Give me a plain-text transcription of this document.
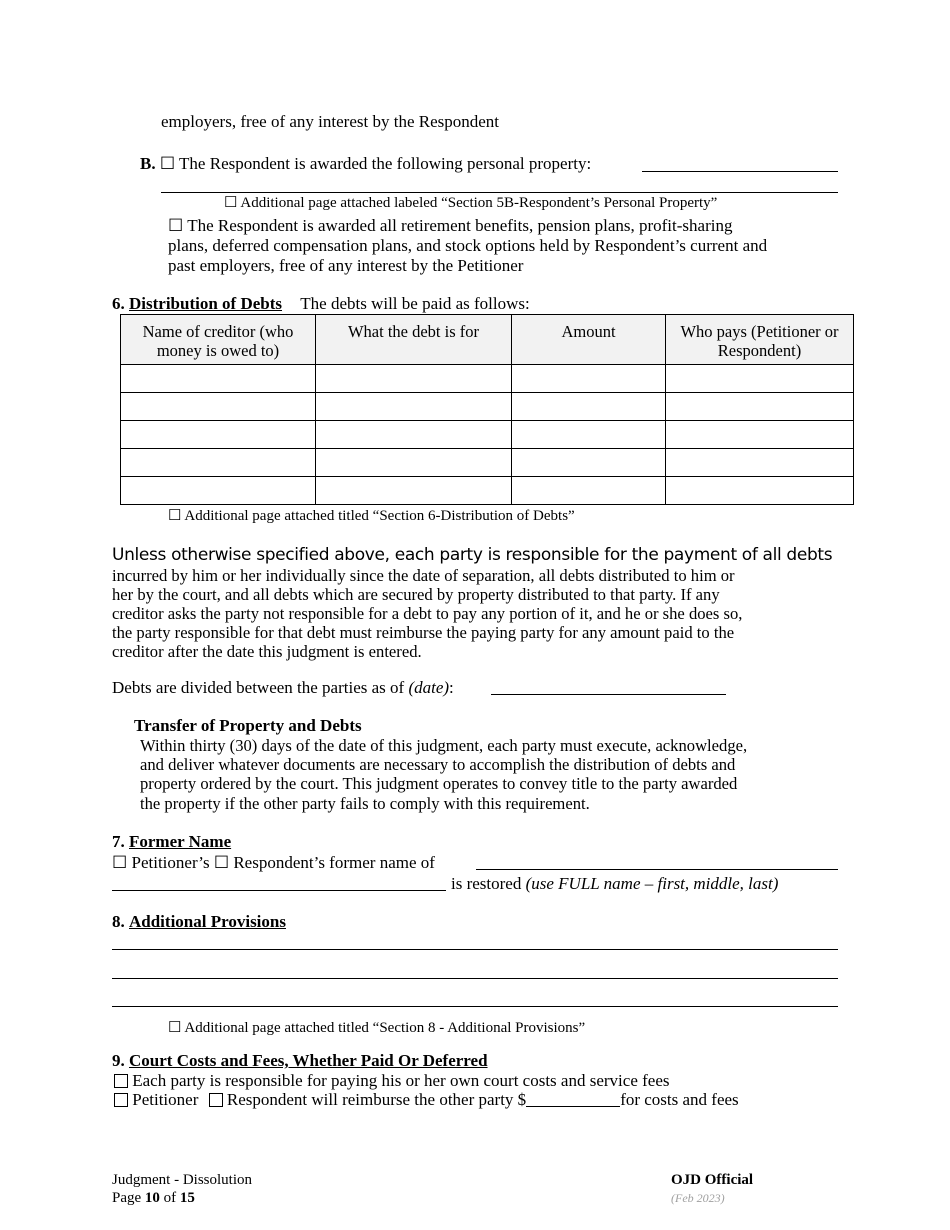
employers, free of any interest by the Respondent
B. ☐ The Respondent is awarded the following personal property:
☐ Additional page attached labeled “Section 5B-Respondent’s Personal Property”
☐ The Respondent is awarded all retirement benefits, pension plans, profit-sharing
plans, deferred compensation plans, and stock options held by Respondent’s current and
past employers, free of any interest by the Petitioner
6. Distribution of Debts The debts will be paid as follows:
Name of creditor (who money is owed to)	What the debt is for	Amount	Who pays (Petitioner or Respondent)

☐ Additional page attached titled “Section 6-Distribution of Debts”
Unless otherwise specified above, each party is responsible for the payment of all debts
incurred by him or her individually since the date of separation, all debts distributed to him or
her by the court, and all debts which are secured by property distributed to that party. If any
creditor asks the party not responsible for a debt to pay any portion of it, and he or she does so,
the party responsible for that debt must reimburse the paying party for any amount paid to the
creditor after the date this judgment is entered.
Debts are divided between the parties as of (date):
Transfer of Property and Debts
Within thirty (30) days of the date of this judgment, each party must execute, acknowledge,
and deliver whatever documents are necessary to accomplish the distribution of debts and
property ordered by the court. This judgment operates to convey title to the party awarded
the property if the other party fails to comply with this requirement.
7. Former Name
☐ Petitioner’s ☐ Respondent’s former name of
is restored (use FULL name – first, middle, last)
8. Additional Provisions
☐ Additional page attached titled “Section 8 - Additional Provisions”
9. Court Costs and Fees, Whether Paid Or Deferred
Each party is responsible for paying his or her own court costs and service fees
Petitioner Respondent will reimburse the other party $	for costs and fees
Judgment - Dissolution
Page 10 of 15
OJD Official
(Feb 2023)
